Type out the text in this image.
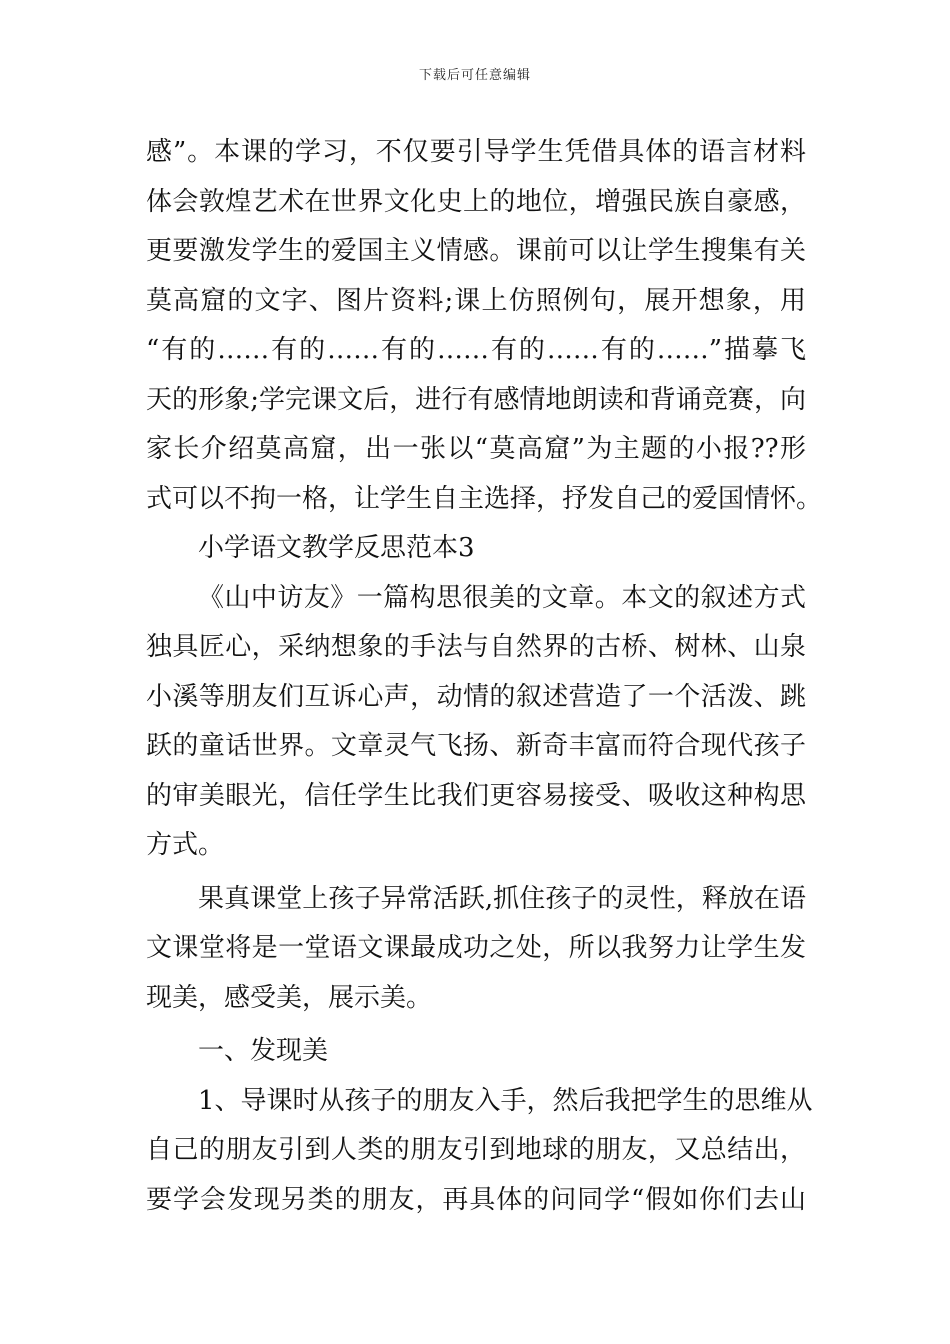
下载后可任意编辑
感”。本课的学习，不仅要引导学生凭借具体的语言材料
体会敦煌艺术在世界文化史上的地位，增强民族自豪感，
更要激发学生的爱国主义情感。课前可以让学生搜集有关
莫高窟的文字、图片资料;课上仿照例句，展开想象，用
“有的……有的……有的……有的……有的……”描摹飞
天的形象;学完课文后，进行有感情地朗读和背诵竞赛，向
家长介绍莫高窟，出一张以“莫高窟”为主题的小报??形
式可以不拘一格，让学生自主选择，抒发自己的爱国情怀。
小学语文教学反思范本3
《山中访友》一篇构思很美的文章。本文的叙述方式
独具匠心，采纳想象的手法与自然界的古桥、树林、山泉
小溪等朋友们互诉心声，动情的叙述营造了一个活泼、跳
跃的童话世界。文章灵气飞扬、新奇丰富而符合现代孩子
的审美眼光，信任学生比我们更容易接受、吸收这种构思
方式。
果真课堂上孩子异常活跃,抓住孩子的灵性，释放在语
文课堂将是一堂语文课最成功之处，所以我努力让学生发
现美，感受美，展示美。
一、发现美
1、导课时从孩子的朋友入手，然后我把学生的思维从
自己的朋友引到人类的朋友引到地球的朋友，又总结出，
要学会发现另类的朋友，再具体的问同学“假如你们去山
